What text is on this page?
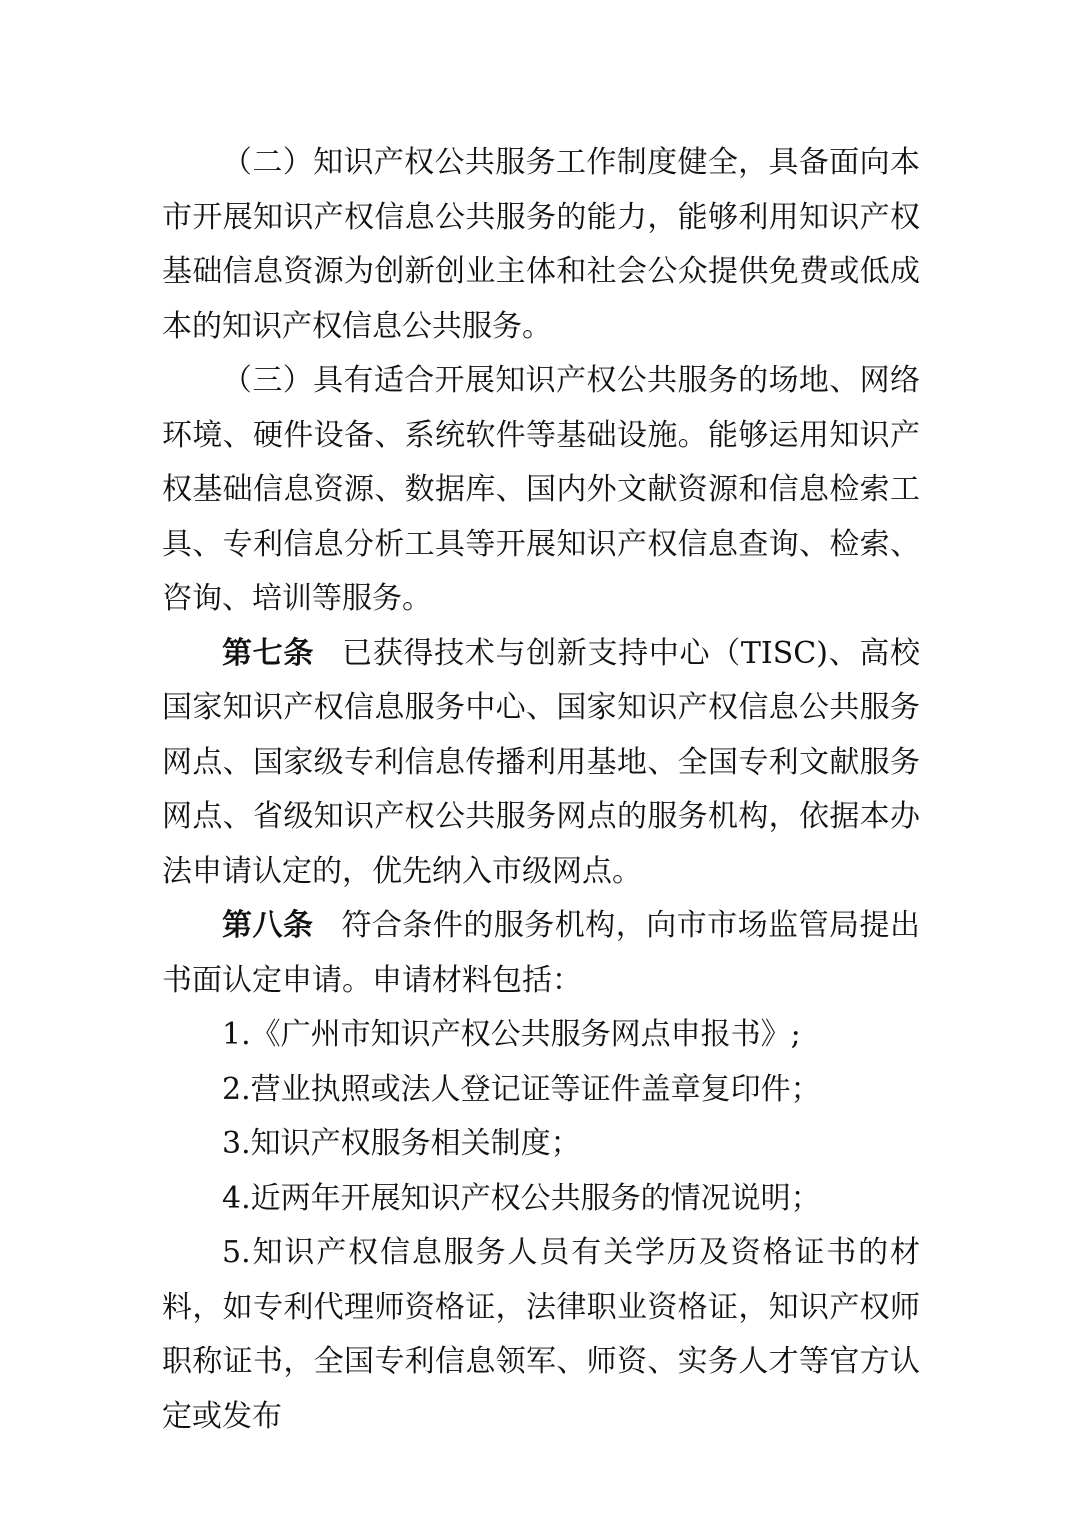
（二）知识产权公共服务工作制度健全，具备面向本市开展知识产权信息公共服务的能力，能够利用知识产权基础信息资源为创新创业主体和社会公众提供免费或低成本的知识产权信息公共服务。

（三）具有适合开展知识产权公共服务的场地、网络环境、硬件设备、系统软件等基础设施。能够运用知识产权基础信息资源、数据库、国内外文献资源和信息检索工具、专利信息分析工具等开展知识产权信息查询、检索、咨询、培训等服务。

第七条 已获得技术与创新支持中心（TISC)、高校国家知识产权信息服务中心、国家知识产权信息公共服务网点、国家级专利信息传播利用基地、全国专利文献服务网点、省级知识产权公共服务网点的服务机构，依据本办法申请认定的，优先纳入市级网点。

第八条 符合条件的服务机构，向市市场监管局提出书面认定申请。申请材料包括：

1.《广州市知识产权公共服务网点申报书》;

2.营业执照或法人登记证等证件盖章复印件；

3.知识产权服务相关制度；

4.近两年开展知识产权公共服务的情况说明；

5.知识产权信息服务人员有关学历及资格证书的材料，如专利代理师资格证，法律职业资格证，知识产权师职称证书，全国专利信息领军、师资、实务人才等官方认定或发布
